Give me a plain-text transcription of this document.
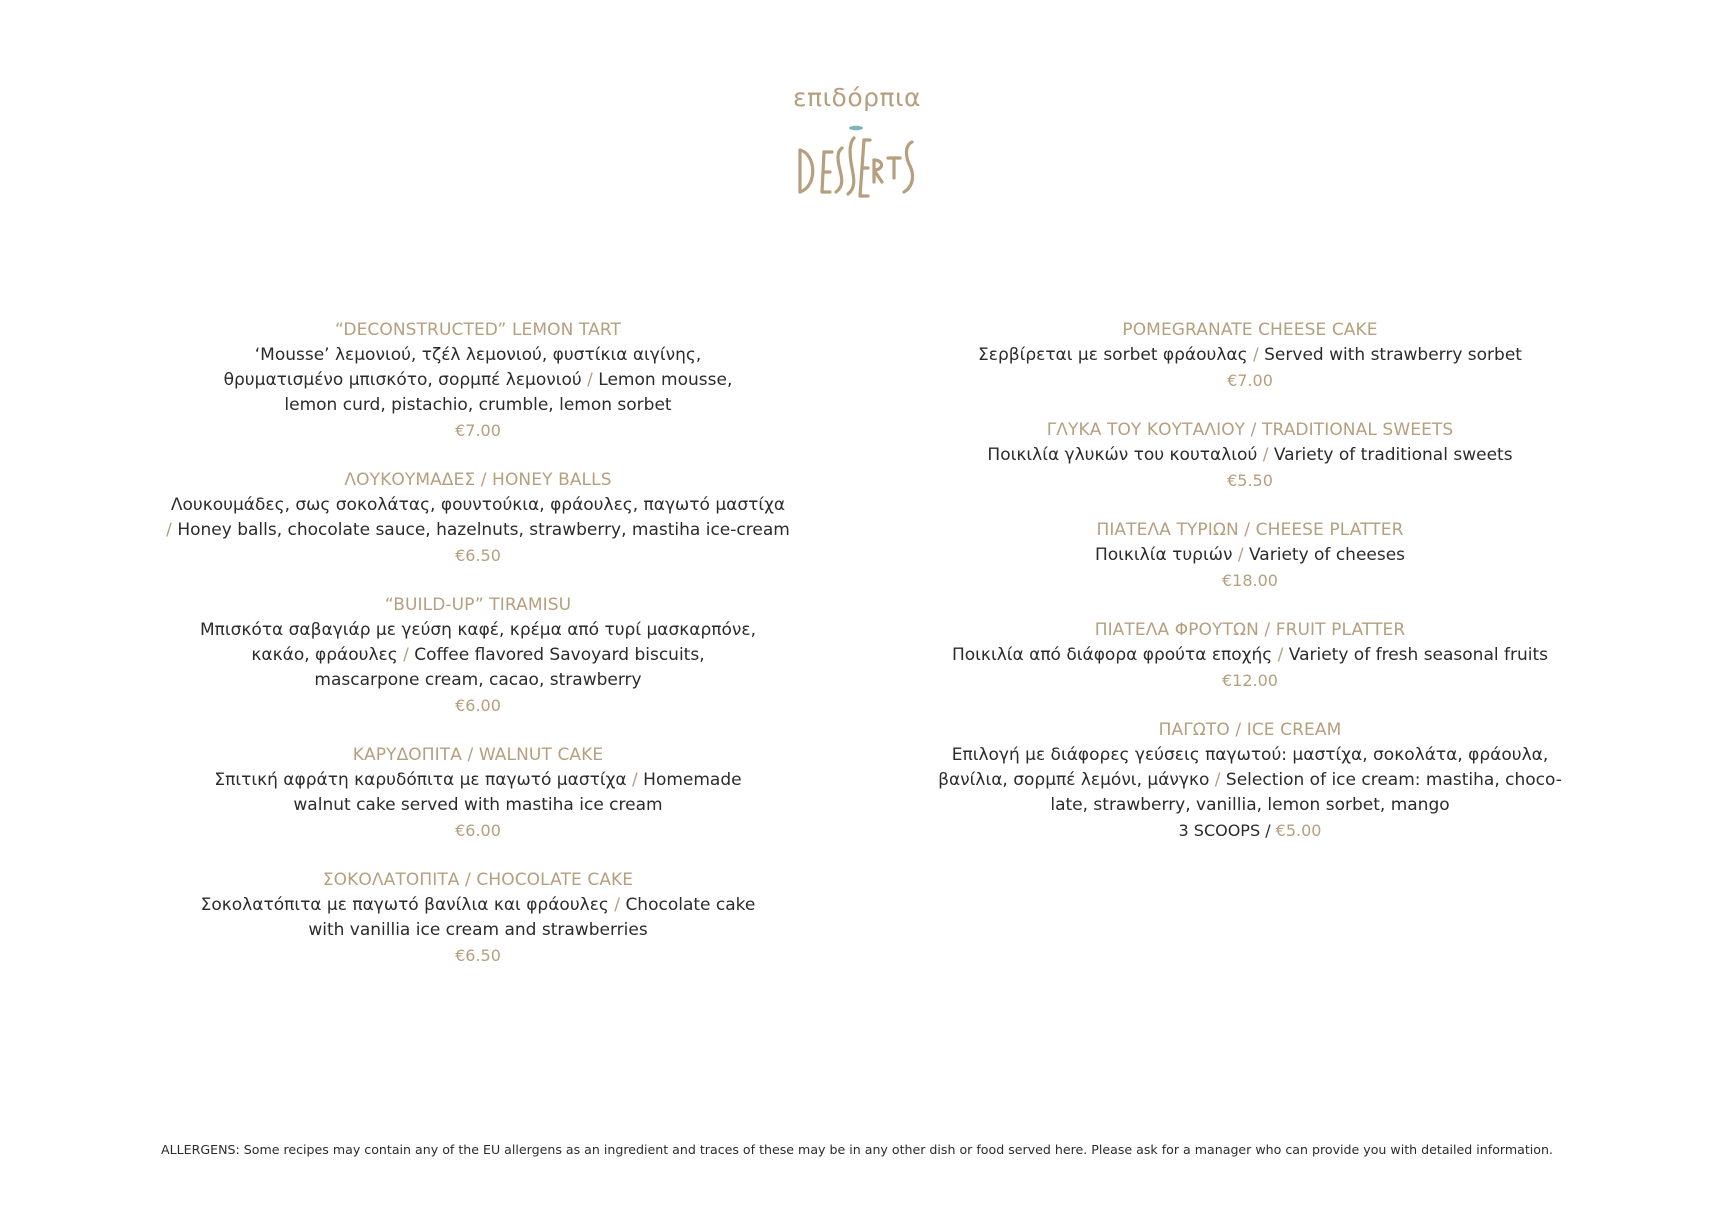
επιδόρπια
“DECONSTRUCTED” LEMON TART
‘Mousse’ λεμονιού, τζέλ λεμονιού, φυστίκια αιγίνης,
θρυματισμένο μπισκότο, σορμπέ λεμονιού / Lemon mousse,
lemon curd, pistachio, crumble, lemon sorbet
€7.00
ΛΟΥΚΟΥΜΑΔΕΣ / HONEY BALLS
Λουκουμάδες, σως σοκολάτας, φουντούκια, φράουλες, παγωτό μαστίχα
/ Honey balls, chocolate sauce, hazelnuts, strawberry, mastiha ice-cream
€6.50
“BUILD-UP” TIRAMISU
Μπισκότα σαβαγιάρ με γεύση καφέ, κρέμα από τυρί μασκαρπόνε,
κακάο, φράουλες / Coffee flavored Savoyard biscuits,
mascarpone cream, cacao, strawberry
€6.00
ΚΑΡΥΔΟΠΙΤΑ / WALNUT CAKE
Σπιτική αφράτη καρυδόπιτα με παγωτό μαστίχα / Homemade
walnut cake served with mastiha ice cream
€6.00
ΣΟΚΟΛΑΤΟΠΙΤΑ / CHOCOLATE CAKE
Σοκολατόπιτα με παγωτό βανίλια και φράουλες / Chocolate cake
with vanillia ice cream and strawberries
€6.50
POMEGRANATE CHEESE CAKE
Σερβίρεται με sorbet φράουλας / Served with strawberry sorbet
€7.00
ΓΛΥΚΑ ΤΟΥ ΚΟΥΤΑΛΙΟΥ / TRADITIONAL SWEETS
Ποικιλία γλυκών του κουταλιού / Variety of traditional sweets
€5.50
ΠΙΑΤΕΛΑ ΤΥΡΙΩΝ / CHEESE PLATTER
Ποικιλία τυριών / Variety of cheeses
€18.00
ΠΙΑΤΕΛΑ ΦΡΟΥΤΩΝ / FRUIT PLATTER
Ποικιλία από διάφορα φρούτα εποχής / Variety of fresh seasonal fruits
€12.00
ΠΑΓΩΤΟ / ICE CREAM
Επιλογή με διάφορες γεύσεις παγωτού: μαστίχα, σοκολάτα, φράουλα,
βανίλια, σορμπέ λεμόνι, μάνγκο / Selection of ice cream: mastiha, choco-
late, strawberry, vanillia, lemon sorbet, mango
3 SCOOPS / €5.00
ALLERGENS: Some recipes may contain any of the EU allergens as an ingredient and traces of these may be in any other dish or food served here. Please ask for a manager who can provide you with detailed information.
